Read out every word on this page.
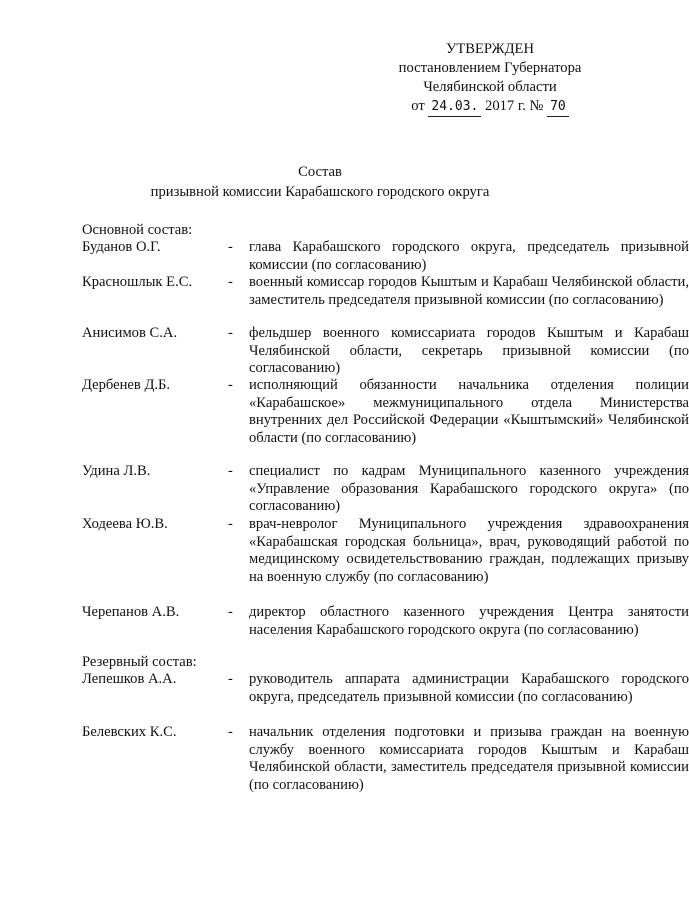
УТВЕРЖДЕН
постановлением Губернатора
Челябинской области
от 24.03. 2017 г. № 70
Состав
призывной комиссии Карабашского городского округа
Основной состав:
Буданов О.Г.	- глава Карабашского городского округа, председатель призывной комиссии (по согласованию)
Красношлык Е.С. - военный комиссар городов Кыштым и Карабаш Челябинской области, заместитель председателя призывной комиссии (по согласованию)
Анисимов С.А.	- фельдшер военного комиссариата городов Кыштым и Карабаш Челябинской области, секретарь призывной комиссии (по согласованию)
Дербенев Д.Б.	- исполняющий обязанности начальника отделения полиции «Карабашское» межмуниципального отдела Министерства внутренних дел Российской Федерации «Кыштымский» Челябинской области (по согласованию)
Удина Л.В.	- специалист по кадрам Муниципального казенного учреждения «Управление образования Карабашского городского округа» (по согласованию)
Ходеева Ю.В.	- врач-невролог Муниципального учреждения здравоохранения «Карабашская городская больница», врач, руководящий работой по медицинскому освидетельствованию граждан, подлежащих призыву на военную службу (по согласованию)
Черепанов А.В.	- директор областного казенного учреждения Центра занятости населения Карабашского городского округа (по согласованию)
Резервный состав:
Лепешков А.А.	- руководитель аппарата администрации Карабашского городского округа, председатель призывной комиссии (по согласованию)
Белевских К.С.	- начальник отделения подготовки и призыва граждан на военную службу военного комиссариата городов Кыштым и Карабаш Челябинской области, заместитель председателя призывной комиссии (по согласованию)
